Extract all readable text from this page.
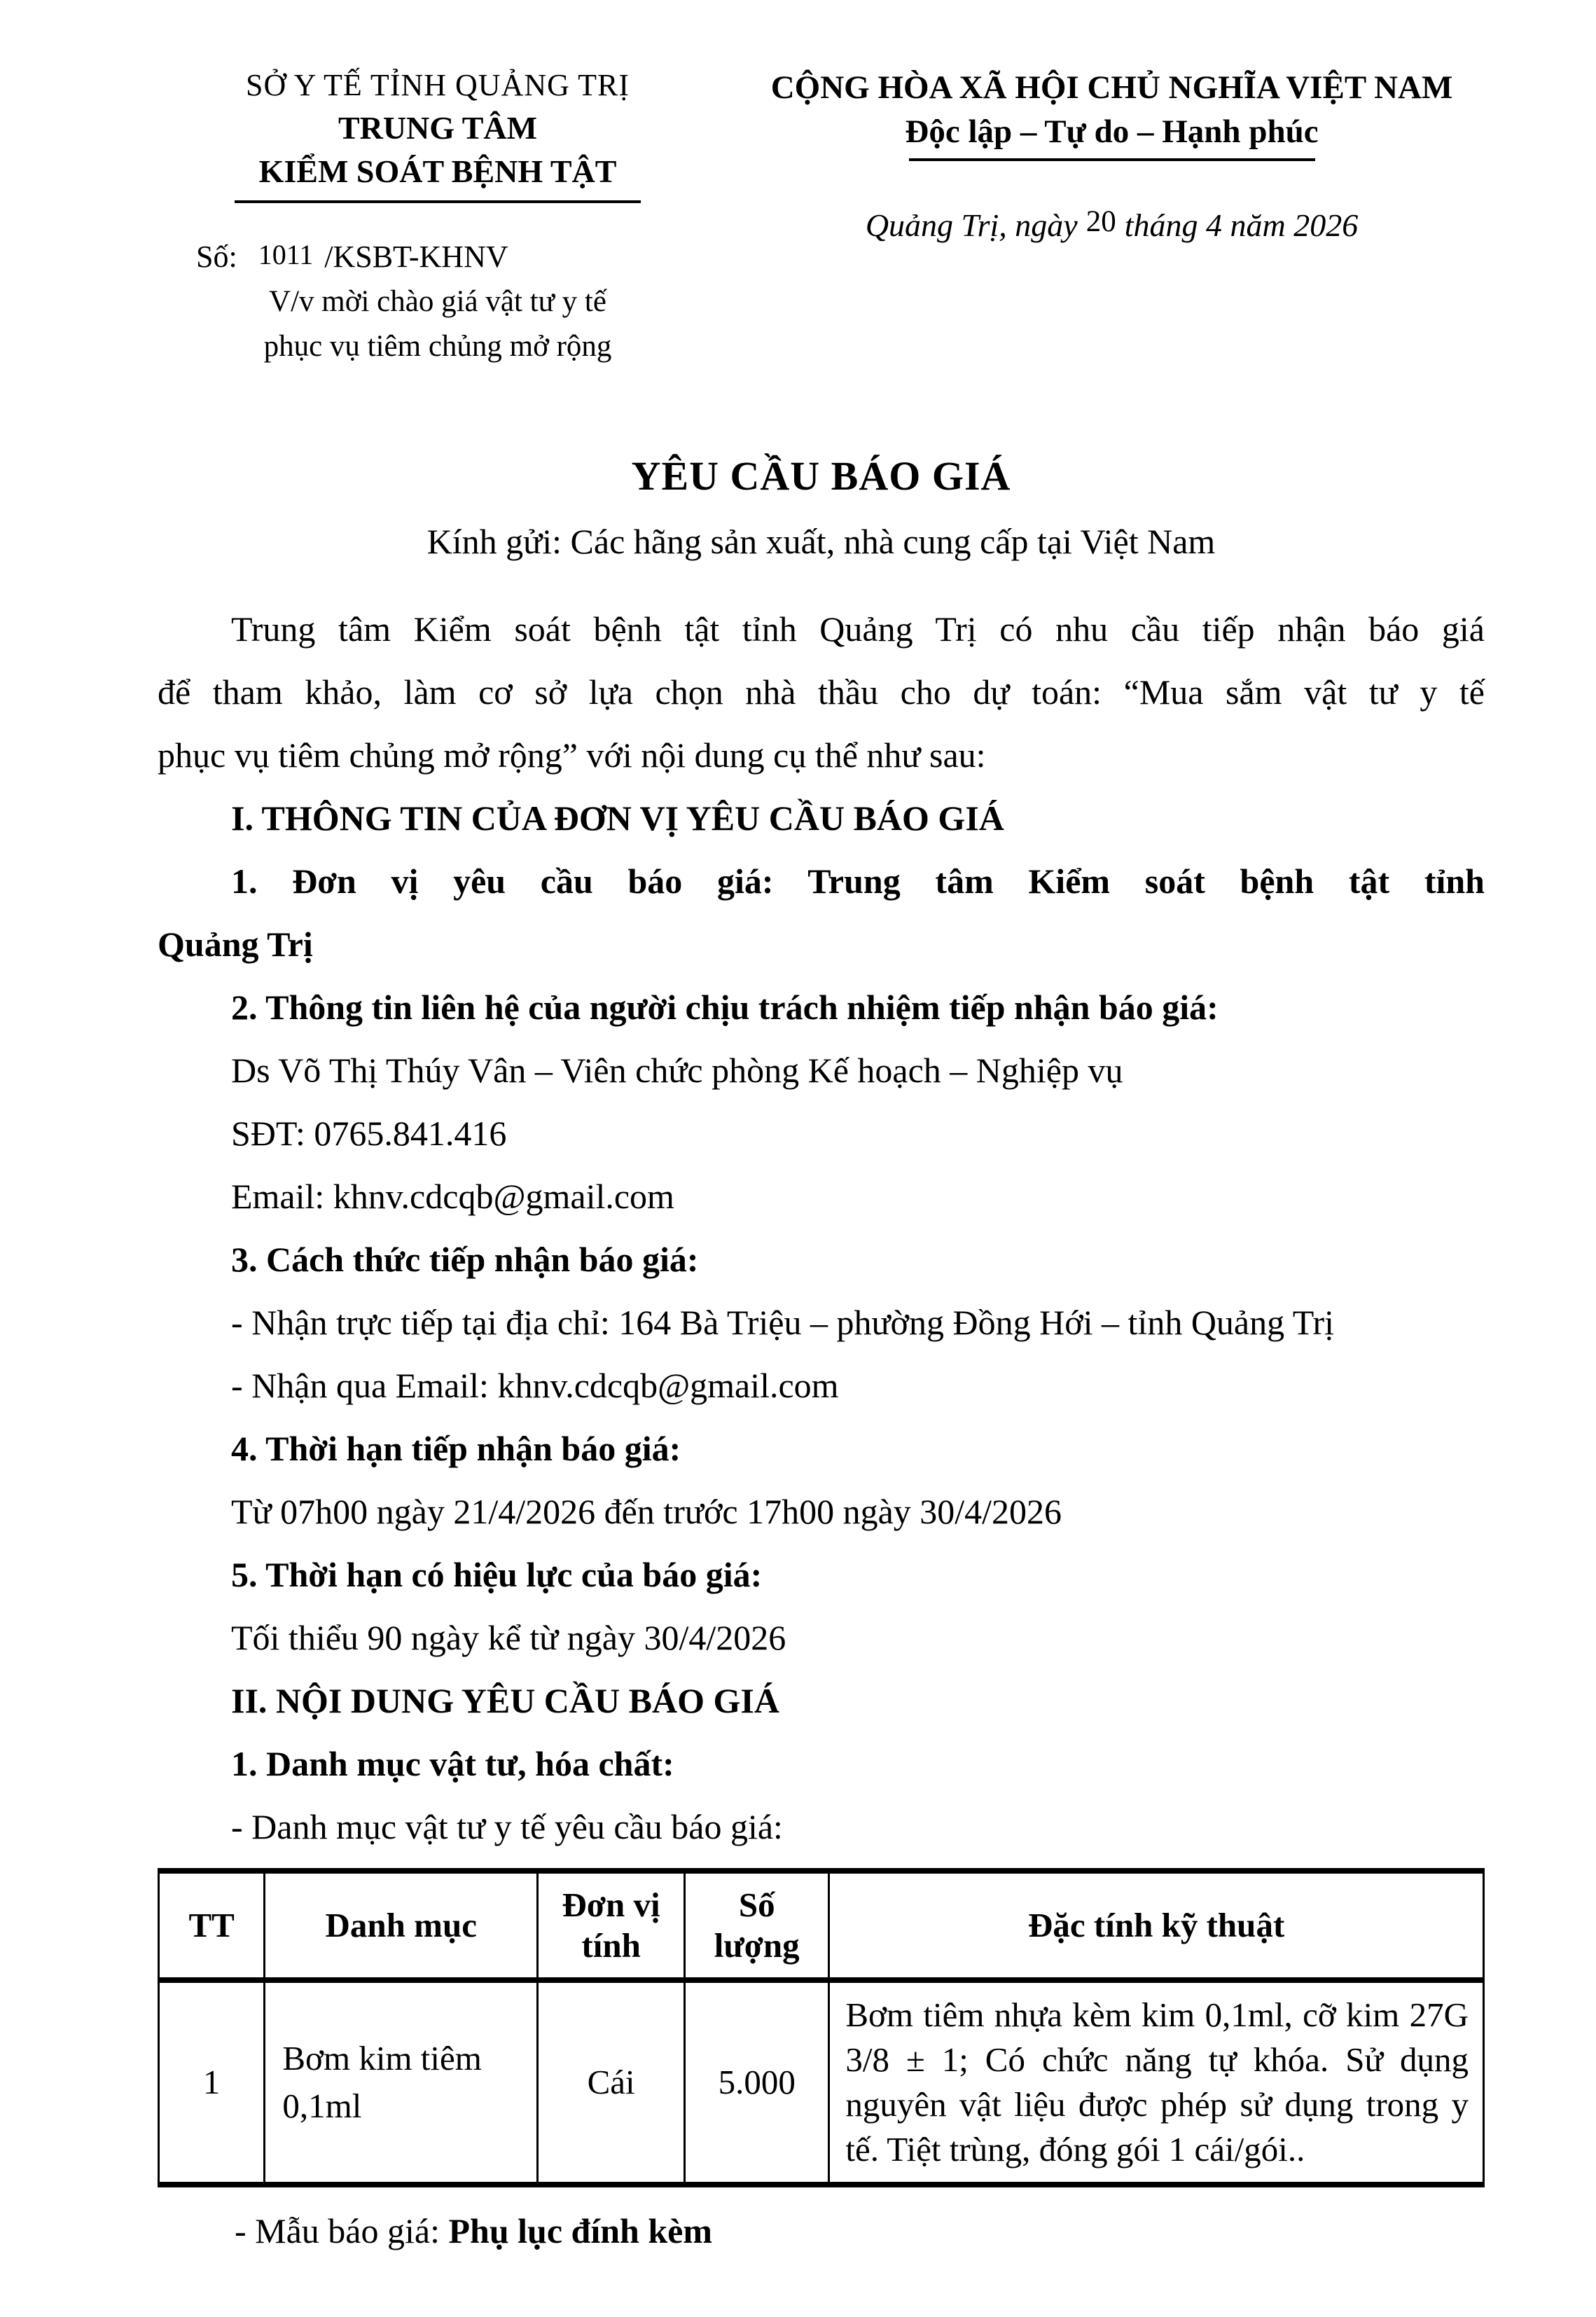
SỞ Y TẾ TỈNH QUẢNG TRỊ
TRUNG TÂM
KIỂM SOÁT BỆNH TẬT
Số: 1011 /KSBT-KHNV
V/v mời chào giá vật tư y tế
phục vụ tiêm chủng mở rộng
CỘNG HÒA XÃ HỘI CHỦ NGHĨA VIỆT NAM
Độc lập – Tự do – Hạnh phúc
Quảng Trị, ngày 20 tháng 4 năm 2026
YÊU CẦU BÁO GIÁ
Kính gửi: Các hãng sản xuất, nhà cung cấp tại Việt Nam
Trung tâm Kiểm soát bệnh tật tỉnh Quảng Trị có nhu cầu tiếp nhận báo giá
để tham khảo, làm cơ sở lựa chọn nhà thầu cho dự toán: “Mua sắm vật tư y tế
phục vụ tiêm chủng mở rộng” với nội dung cụ thể như sau:
I. THÔNG TIN CỦA ĐƠN VỊ YÊU CẦU BÁO GIÁ
1. Đơn vị yêu cầu báo giá: Trung tâm Kiểm soát bệnh tật tỉnh
Quảng Trị
2. Thông tin liên hệ của người chịu trách nhiệm tiếp nhận báo giá:
Ds Võ Thị Thúy Vân – Viên chức phòng Kế hoạch – Nghiệp vụ
SĐT: 0765.841.416
Email: khnv.cdcqb@gmail.com
3. Cách thức tiếp nhận báo giá:
- Nhận trực tiếp tại địa chỉ: 164 Bà Triệu – phường Đồng Hới – tỉnh Quảng Trị
- Nhận qua Email: khnv.cdcqb@gmail.com
4. Thời hạn tiếp nhận báo giá:
Từ 07h00 ngày 21/4/2026 đến trước 17h00 ngày 30/4/2026
5. Thời hạn có hiệu lực của báo giá:
Tối thiểu 90 ngày kể từ ngày 30/4/2026
II. NỘI DUNG YÊU CẦU BÁO GIÁ
1. Danh mục vật tư, hóa chất:
- Danh mục vật tư y tế yêu cầu báo giá:
TT	Danh mục	Đơn vị tính	Số lượng	Đặc tính kỹ thuật
1	Bơm kim tiêm 0,1ml	Cái	5.000	Bơm tiêm nhựa kèm kim 0,1ml, cỡ kim 27G 3/8 ± 1; Có chức năng tự khóa. Sử dụng nguyên vật liệu được phép sử dụng trong y tế. Tiệt trùng, đóng gói 1 cái/gói..
- Mẫu báo giá: Phụ lục đính kèm
